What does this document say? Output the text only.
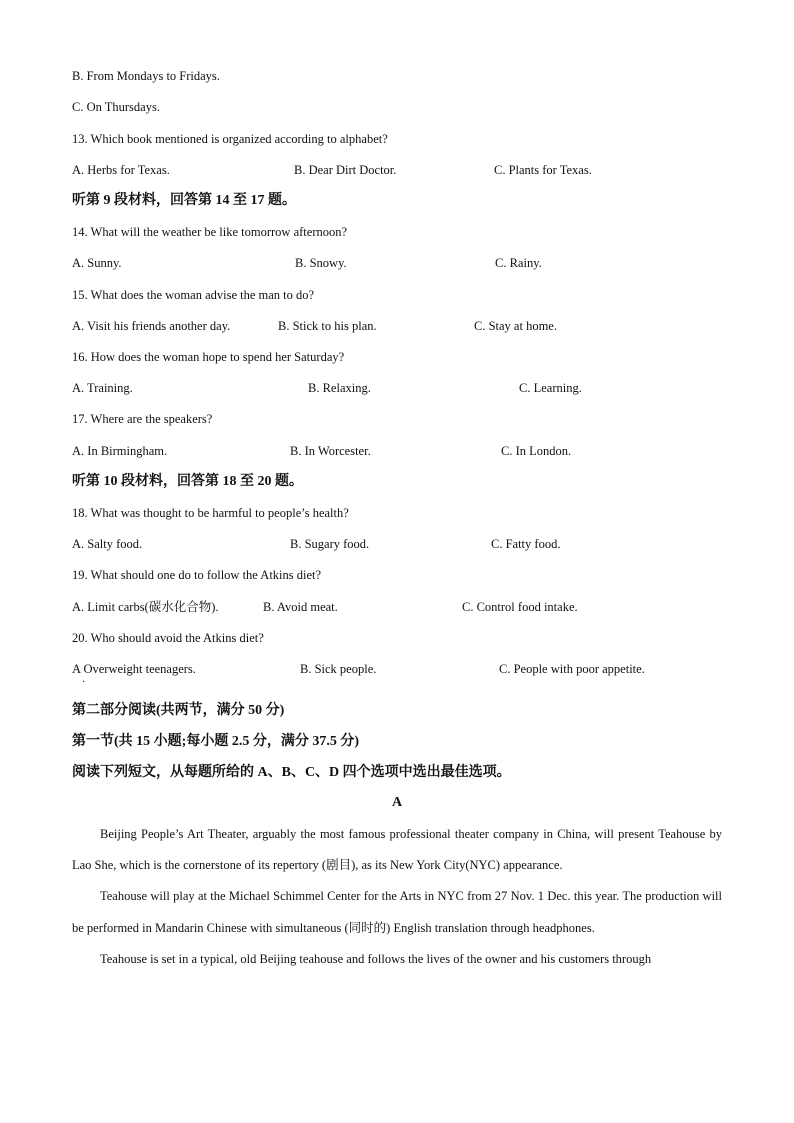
B. From Mondays to Fridays.
C. On Thursdays.
13. Which book mentioned is organized according to alphabet?
A. Herbs for Texas.	B. Dear Dirt Doctor.	C. Plants for Texas.
听第 9 段材料，回答第 14 至 17 题。
14. What will the weather be like tomorrow afternoon?
A. Sunny.	B. Snowy.	C. Rainy.
15. What does the woman advise the man to do?
A. Visit his friends another day.	B. Stick to his plan.	C. Stay at home.
16. How does the woman hope to spend her Saturday?
A. Training.	B. Relaxing.	C. Learning.
17. Where are the speakers?
A. In Birmingham.	B. In Worcester.	C. In London.
听第 10 段材料，回答第 18 至 20 题。
18. What was thought to be harmful to people’s health?
A. Salty food.	B. Sugary food.	C. Fatty food.
19. What should one do to follow the Atkins diet?
A. Limit carbs(碳水化合物).	B. Avoid meat.	C. Control food intake.
20. Who should avoid the Atkins diet?
A Overweight teenagers.	B. Sick people.	C. People with poor appetite.
·
第二部分阅读(共两节，满分 50 分)
第一节(共 15 小题;每小题 2.5 分，满分 37.5 分)
阅读下列短文，从每题所给的 A、B、C、D 四个选项中选出最佳选项。
A

Beijing People’s Art Theater, arguably the most famous professional theater company in China, will present Teahouse by Lao She, which is the cornerstone of its repertory (剧目), as its New York City(NYC) appearance.

Teahouse will play at the Michael Schimmel Center for the Arts in NYC from 27 Nov. 1 Dec. this year. The production will be performed in Mandarin Chinese with simultaneous (同时的) English translation through headphones.

Teahouse is set in a typical, old Beijing teahouse and follows the lives of the owner and his customers through
